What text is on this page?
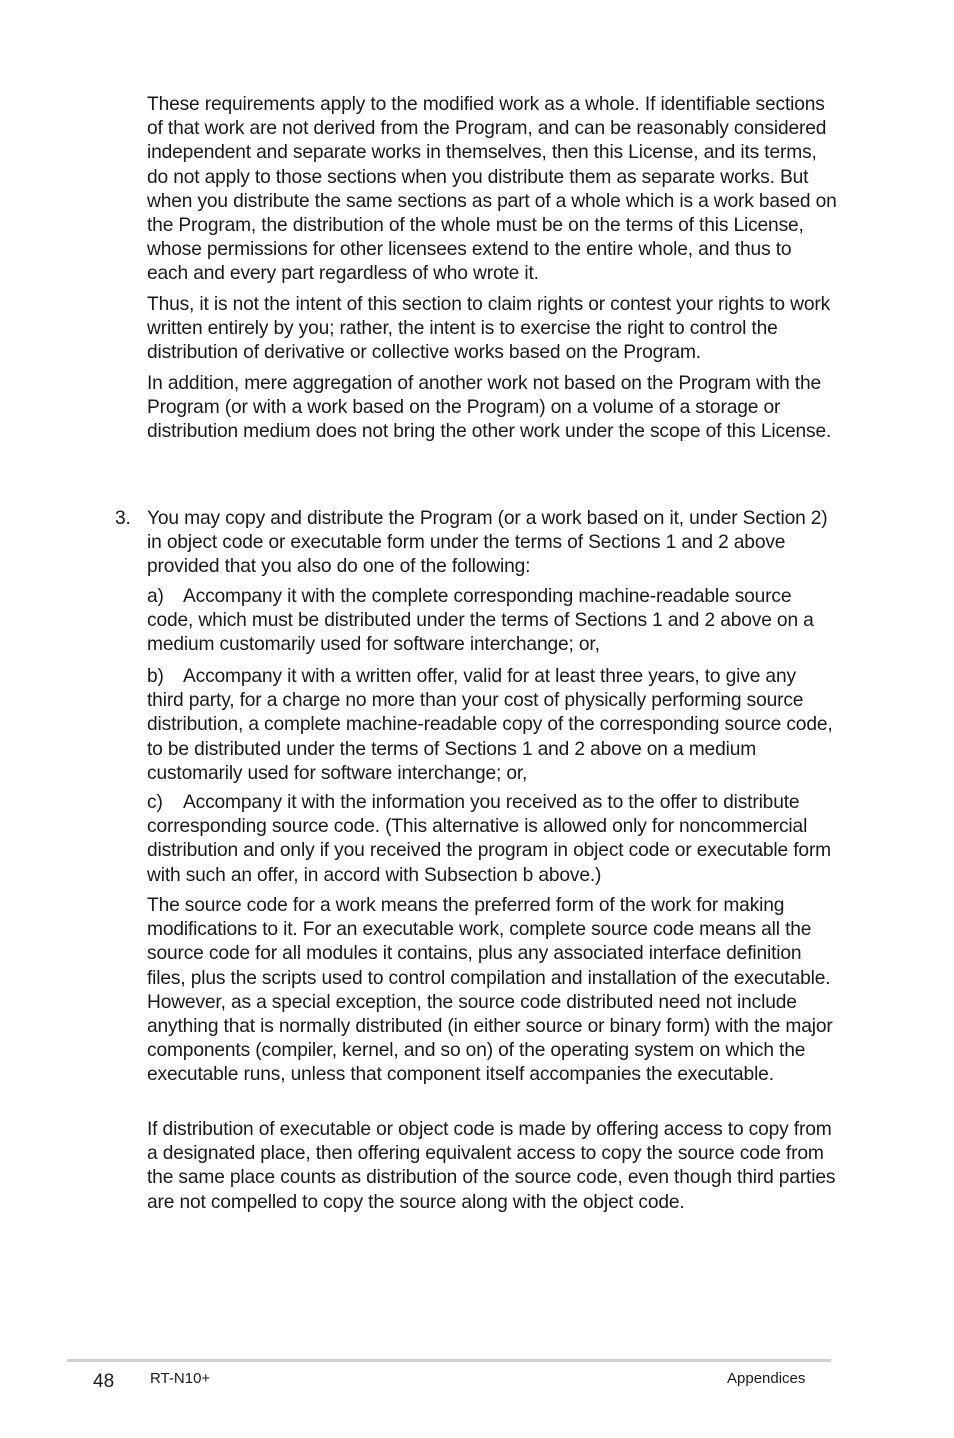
These requirements apply to the modified work as a whole. If identifiable sections of that work are not derived from the Program, and can be reasonably considered independent and separate works in themselves, then this License, and its terms, do not apply to those sections when you distribute them as separate works. But when you distribute the same sections as part of a whole which is a work based on the Program, the distribution of the whole must be on the terms of this License, whose permissions for other licensees extend to the entire whole, and thus to each and every part regardless of who wrote it.

Thus, it is not the intent of this section to claim rights or contest your rights to work written entirely by you; rather, the intent is to exercise the right to control the distribution of derivative or collective works based on the Program.

In addition, mere aggregation of another work not based on the Program with the Program (or with a work based on the Program) on a volume of a storage or distribution medium does not bring the other work under the scope of this License.

3. You may copy and distribute the Program (or a work based on it, under Section 2) in object code or executable form under the terms of Sections 1 and 2 above provided that you also do one of the following:

a) Accompany it with the complete corresponding machine-readable source code, which must be distributed under the terms of Sections 1 and 2 above on a medium customarily used for software interchange; or,

b) Accompany it with a written offer, valid for at least three years, to give any third party, for a charge no more than your cost of physically performing source distribution, a complete machine-readable copy of the corresponding source code, to be distributed under the terms of Sections 1 and 2 above on a medium customarily used for software interchange; or,

c) Accompany it with the information you received as to the offer to distribute corresponding source code. (This alternative is allowed only for noncommercial distribution and only if you received the program in object code or executable form with such an offer, in accord with Subsection b above.)

The source code for a work means the preferred form of the work for making modifications to it. For an executable work, complete source code means all the source code for all modules it contains, plus any associated interface definition files, plus the scripts used to control compilation and installation of the executable. However, as a special exception, the source code distributed need not include anything that is normally distributed (in either source or binary form) with the major components (compiler, kernel, and so on) of the operating system on which the executable runs, unless that component itself accompanies the executable.

If distribution of executable or object code is made by offering access to copy from a designated place, then offering equivalent access to copy the source code from the same place counts as distribution of the source code, even though third parties are not compelled to copy the source along with the object code.

48 RT-N10+	Appendices
